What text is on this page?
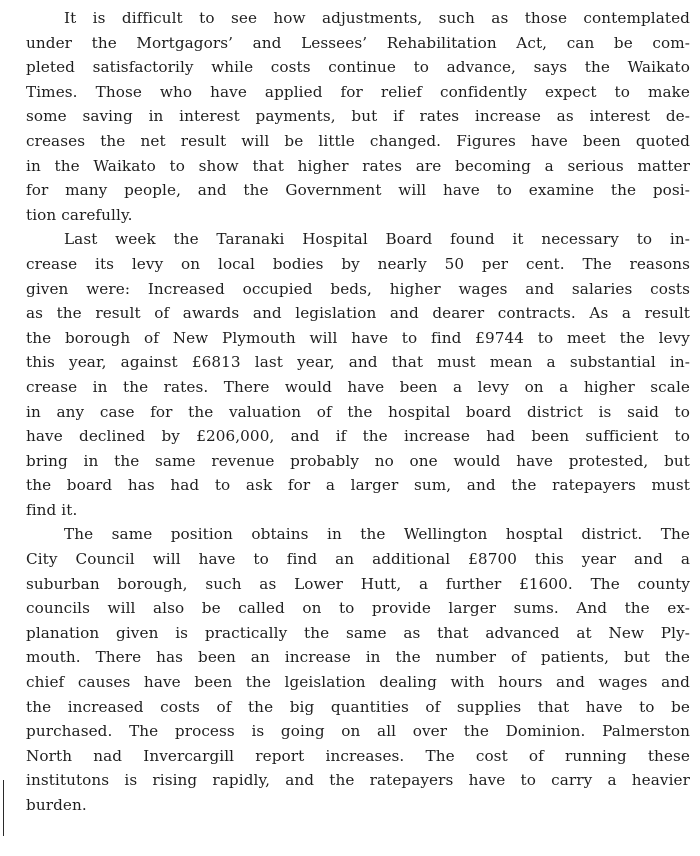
It is difficult to see how adjustments, such as those contemplated
under the Mortgagors’ and Lessees’ Rehabilitation Act, can be com-
pleted satisfactorily while costs continue to advance, says the Waikato
Times. Those who have applied for relief confidently expect to make
some saving in interest payments, but if rates increase as interest de-
creases the net result will be little changed. Figures have been quoted
in the Waikato to show that higher rates are becoming a serious matter
for many people, and the Government will have to examine the posi-
tion carefully.
Last week the Taranaki Hospital Board found it necessary to in-
crease its levy on local bodies by nearly 50 per cent. The reasons
given were: Increased occupied beds, higher wages and salaries costs
as the result of awards and legislation and dearer contracts. As a result
the borough of New Plymouth will have to find £9744 to meet the levy
this year, against £6813 last year, and that must mean a substantial in-
crease in the rates. There would have been a levy on a higher scale
in any case for the valuation of the hospital board district is said to
have declined by £206,000, and if the increase had been sufficient to
bring in the same revenue probably no one would have protested, but
the board has had to ask for a larger sum, and the ratepayers must
find it.
The same position obtains in the Wellington hosptal district. The
City Council will have to find an additional £8700 this year and a
suburban borough, such as Lower Hutt, a further £1600. The county
councils will also be called on to provide larger sums. And the ex-
planation given is practically the same as that advanced at New Ply-
mouth. There has been an increase in the number of patients, but the
chief causes have been the lgeislation dealing with hours and wages and
the increased costs of the big quantities of supplies that have to be
purchased. The process is going on all over the Dominion. Palmerston
North nad Invercargill report increases. The cost of running these
institutons is rising rapidly, and the ratepayers have to carry a heavier
burden.
